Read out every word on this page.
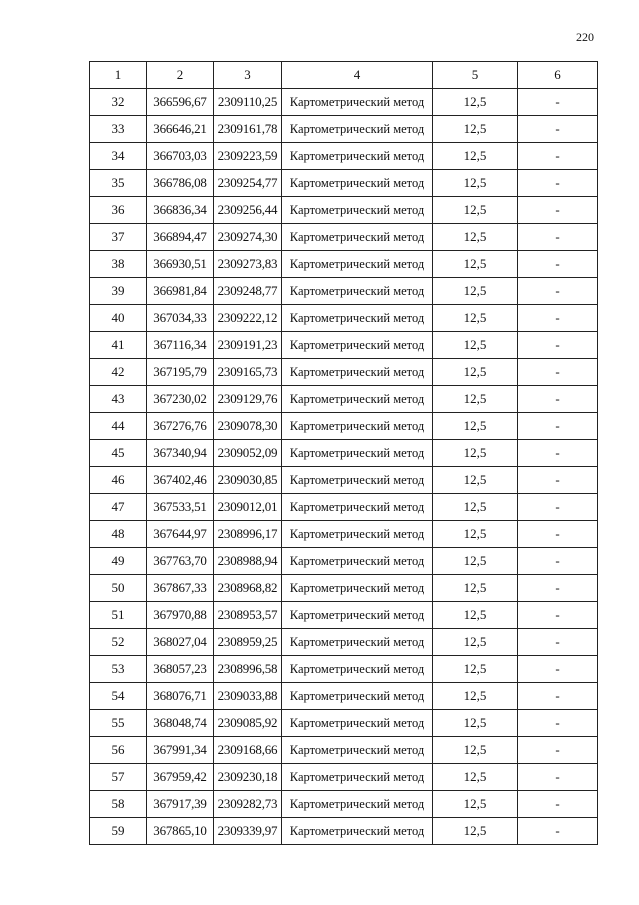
220
1	2	3	4	5	6
32	366596,67	2309110,25	Картометрический метод	12,5	-
33	366646,21	2309161,78	Картометрический метод	12,5	-
34	366703,03	2309223,59	Картометрический метод	12,5	-
35	366786,08	2309254,77	Картометрический метод	12,5	-
36	366836,34	2309256,44	Картометрический метод	12,5	-
37	366894,47	2309274,30	Картометрический метод	12,5	-
38	366930,51	2309273,83	Картометрический метод	12,5	-
39	366981,84	2309248,77	Картометрический метод	12,5	-
40	367034,33	2309222,12	Картометрический метод	12,5	-
41	367116,34	2309191,23	Картометрический метод	12,5	-
42	367195,79	2309165,73	Картометрический метод	12,5	-
43	367230,02	2309129,76	Картометрический метод	12,5	-
44	367276,76	2309078,30	Картометрический метод	12,5	-
45	367340,94	2309052,09	Картометрический метод	12,5	-
46	367402,46	2309030,85	Картометрический метод	12,5	-
47	367533,51	2309012,01	Картометрический метод	12,5	-
48	367644,97	2308996,17	Картометрический метод	12,5	-
49	367763,70	2308988,94	Картометрический метод	12,5	-
50	367867,33	2308968,82	Картометрический метод	12,5	-
51	367970,88	2308953,57	Картометрический метод	12,5	-
52	368027,04	2308959,25	Картометрический метод	12,5	-
53	368057,23	2308996,58	Картометрический метод	12,5	-
54	368076,71	2309033,88	Картометрический метод	12,5	-
55	368048,74	2309085,92	Картометрический метод	12,5	-
56	367991,34	2309168,66	Картометрический метод	12,5	-
57	367959,42	2309230,18	Картометрический метод	12,5	-
58	367917,39	2309282,73	Картометрический метод	12,5	-
59	367865,10	2309339,97	Картометрический метод	12,5	-
